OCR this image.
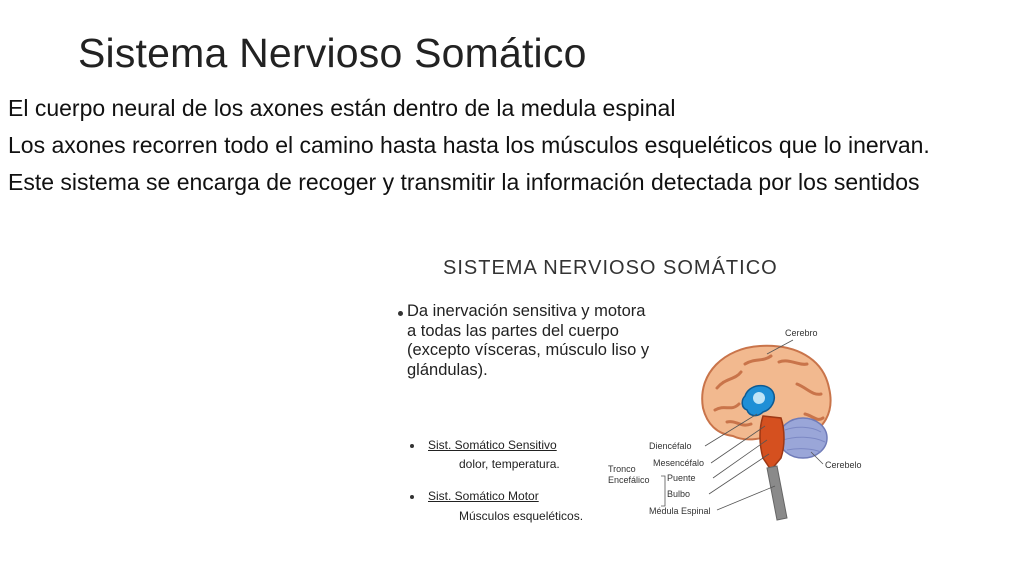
Sistema Nervioso Somático

El cuerpo neural de los axones están dentro de la medula espinal

Los axones recorren todo el camino hasta hasta los músculos esqueléticos que lo inervan.

Este sistema se encarga de recoger y transmitir la información detectada por los sentidos

SISTEMA NERVIOSO SOMÁTICO
Da inervación sensitiva y motora a todas las partes del cuerpo (excepto vísceras, músculo liso y glándulas).
Sist. Somático Sensitivo
dolor, temperatura.
Sist. Somático Motor
Músculos esqueléticos.
Cerebro
Diencéfalo
Mesencéfalo
Puente
Bulbo
Médula Espinal
Cerebelo
Tronco
Encefálico
